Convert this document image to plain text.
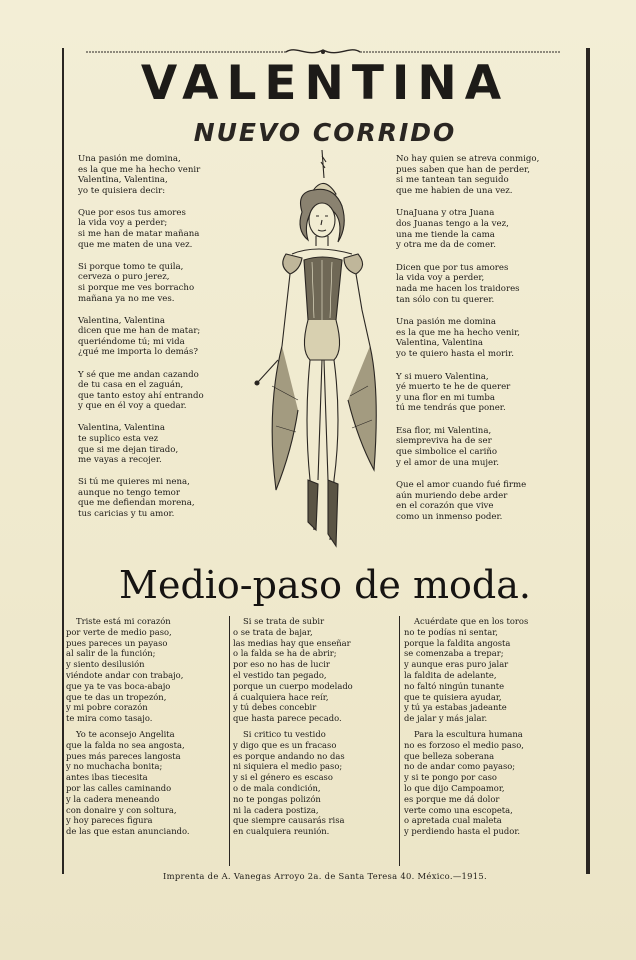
VALENTINA
NUEVO CORRIDO
Una pasión me domina,
es la que me ha hecho venir
Valentina, Valentina,
yo te quisiera decir:
Que por esos tus amores
la vida voy a perder;
si me han de matar mañana
que me maten de una vez.
Si porque tomo te quila,
cerveza o puro jerez,
si porque me ves borracho
mañana ya no me ves.
Valentina, Valentina
dicen que me han de matar;
queriéndome tú; mi vida
¿qué me importa lo demás?
Y sé que me andan cazando
de tu casa en el zaguán,
que tanto estoy ahí entrando
y que en él voy a quedar.
Valentina, Valentina
te suplico esta vez
que si me dejan tirado,
me vayas a recojer.
Si tú me quieres mi nena,
aunque no tengo temor
que me defiendan morena,
tus caricias y tu amor.
No hay quien se atreva conmigo,
pues saben que han de perder,
si me tantean tan seguido
que me habien de una vez.
UnaJuana y otra Juana
dos Juanas tengo a la vez,
una me tiende la cama
y otra me da de comer.
Dicen que por tus amores
la vida voy a perder,
nada me hacen los traidores
tan sólo con tu querer.
Una pasión me domina
es la que me ha hecho venir,
Valentina, Valentina
yo te quiero hasta el morir.
Y si muero Valentina,
yé muerto te he de querer
y una flor en mi tumba
tú me tendrás que poner.
Esa flor, mi Valentina,
siempreviva ha de ser
que simbolice el cariño
y el amor de una mujer.
Que el amor cuando fué firme
aún muriendo debe arder
en el corazón que vive
como un inmenso poder.
Medio-paso de moda.
Triste está mi corazón
por verte de medio paso,
pues pareces un payaso
al salir de la función;
y siento desilusión
viéndote andar con trabajo,
que ya te vas boca-abajo
que te das un tropezón,
y mi pobre corazón
te mira como tasajo.
Yo te aconsejo Angelita
que la falda no sea angosta,
pues más pareces langosta
y no muchacha bonita;
antes ibas tiecesita
por las calles caminando
y la cadera meneando
con donaire y con soltura,
y hoy pareces figura
de las que estan anunciando.
Si se trata de subir
o se trata de bajar,
las medias hay que enseñar
o la falda se ha de abrir;
por eso no has de lucir
el vestido tan pegado,
porque un cuerpo modelado
á cualquiera hace reír,
y tú debes concebir
que hasta parece pecado.
Si critico tu vestido
y digo que es un fracaso
es porque andando no das
ni siquiera el medio paso;
y si el género es escaso
o de mala condición,
no te pongas polizón
ni la cadera postiza,
que siempre causarás risa
en cualquiera reunión.
Acuérdate que en los toros
no te podías ni sentar,
porque la faldita angosta
se comenzaba a trepar;
y aunque eras puro jalar
la faldita de adelante,
no faltó ningún tunante
que te quisiera ayudar,
y tú ya estabas jadeante
de jalar y más jalar.
Para la escultura humana
no es forzoso el medio paso,
que belleza soberana
no de andar como payaso;
y si te pongo por caso
lo que dijo Campoamor,
es porque me dá dolor
verte como una escopeta,
o apretada cual maleta
y perdiendo hasta el pudor.
Imprenta de A. Vanegas Arroyo 2a. de Santa Teresa 40. México.—1915.
